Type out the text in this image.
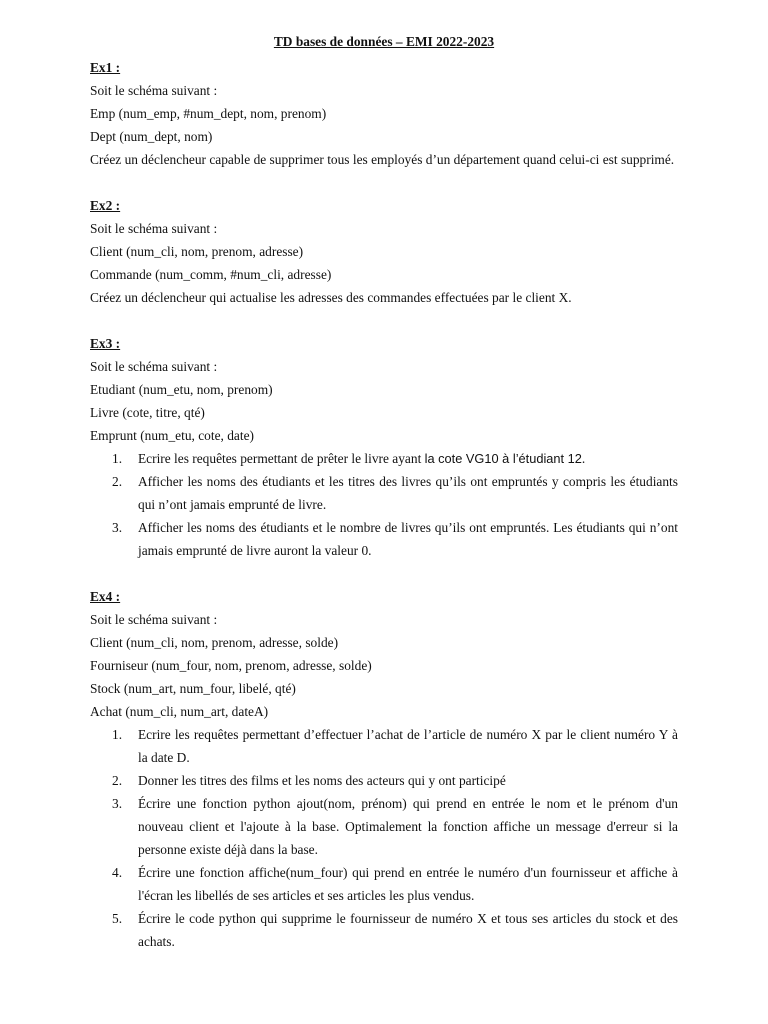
TD bases de données – EMI 2022-2023

Ex1 :

Soit le schéma suivant :

Emp (num_emp, #num_dept, nom, prenom)

Dept (num_dept, nom)

Créez un déclencheur capable de supprimer tous les employés d’un département quand celui-ci est supprimé.

Ex2 :

Soit le schéma suivant :

Client (num_cli, nom, prenom, adresse)

Commande (num_comm, #num_cli, adresse)

Créez un déclencheur qui actualise les adresses des commandes effectuées par le client X.

Ex3 :

Soit le schéma suivant :

Etudiant (num_etu, nom, prenom)

Livre (cote, titre, qté)

Emprunt (num_etu, cote, date)

1. Ecrire les requêtes permettant de prêter le livre ayant la cote VG10 à l’étudiant 12.
2. Afficher les noms des étudiants et les titres des livres qu’ils ont empruntés y compris les étudiants qui n’ont jamais emprunté de livre.
3. Afficher les noms des étudiants et le nombre de livres qu’ils ont empruntés. Les étudiants qui n’ont jamais emprunté de livre auront la valeur 0.

Ex4 :

Soit le schéma suivant :

Client (num_cli, nom, prenom, adresse, solde)

Fourniseur (num_four, nom, prenom, adresse, solde)

Stock (num_art, num_four, libelé, qté)

Achat (num_cli, num_art, dateA)

1. Ecrire les requêtes permettant d’effectuer l’achat de l’article de numéro X par le client numéro Y à la date D.
2. Donner les titres des films et les noms des acteurs qui y ont participé
3. Écrire une fonction python ajout(nom, prénom) qui prend en entrée le nom et le prénom d'un nouveau client et l'ajoute à la base. Optimalement la fonction affiche un message d'erreur si la personne existe déjà dans la base.
4. Écrire une fonction affiche(num_four) qui prend en entrée le numéro d'un fournisseur et affiche à l'écran les libellés de ses articles et ses articles les plus vendus.
5. Écrire le code python qui supprime le fournisseur de numéro X et tous ses articles du stock et des achats.
